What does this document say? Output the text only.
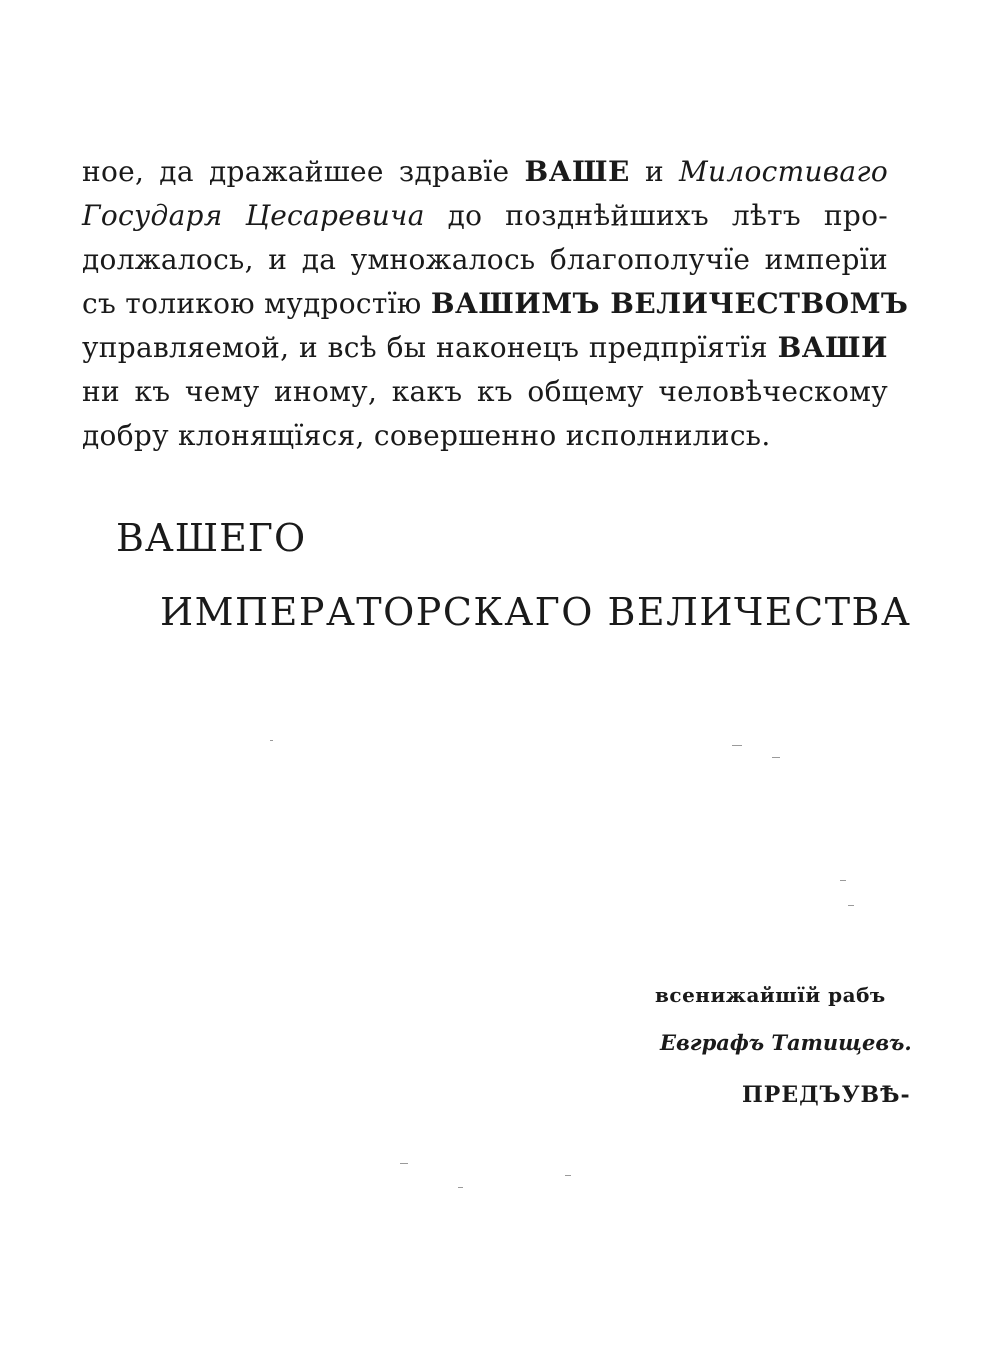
ное, да дражайшее здравїе ВАШЕ и Милостиваго
Государя Цесаревича до позднѣйшихъ лѣтъ про-
должалось, и да умножалось благополучїе имперїи
съ толикою мудростїю ВАШИМЪ ВЕЛИЧЕСТВОМЪ
управляемой, и всѣ бы наконецъ предпрїятїя ВАШИ
ни къ чему иному, какъ къ общему человѣческому
добру клонящїяся, совершенно исполнились.
ВАШЕГО
ИМПЕРАТОРСКАГО ВЕЛИЧЕСТВА
всенижайшїй рабъ
Евграфъ Татищевъ.
ПРЕДЪУВѢ-
